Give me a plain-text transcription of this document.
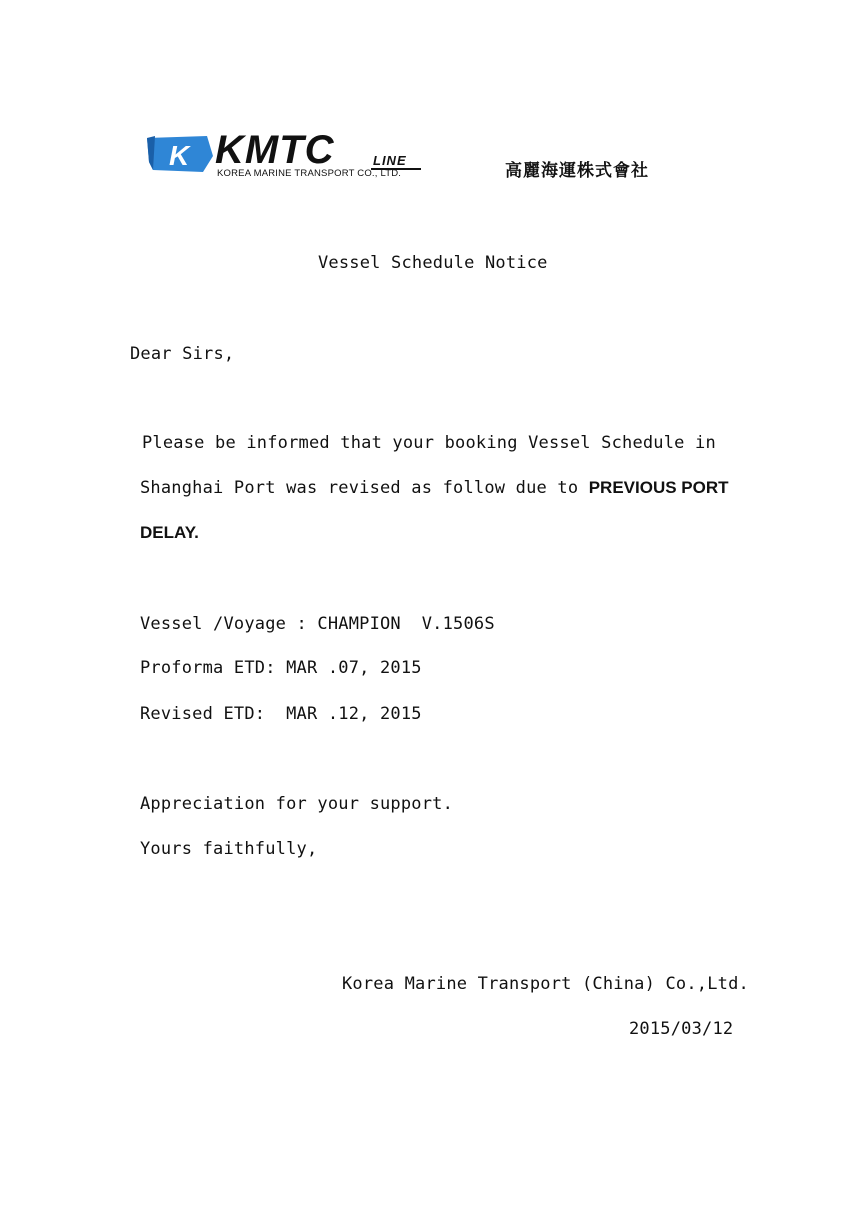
K KMTC	LINE
KOREA MARINE TRANSPORT CO., LTD.	高麗海運株式會社
Vessel Schedule Notice
Dear Sirs,
Please be informed that your booking Vessel Schedule in
Shanghai Port was revised as follow due to PREVIOUS PORT
DELAY.
Vessel /Voyage : CHAMPION  V.1506S
Proforma ETD: MAR .07, 2015
Revised ETD:  MAR .12, 2015
Appreciation for your support.
Yours faithfully,
Korea Marine Transport (China) Co.,Ltd.
2015/03/12
